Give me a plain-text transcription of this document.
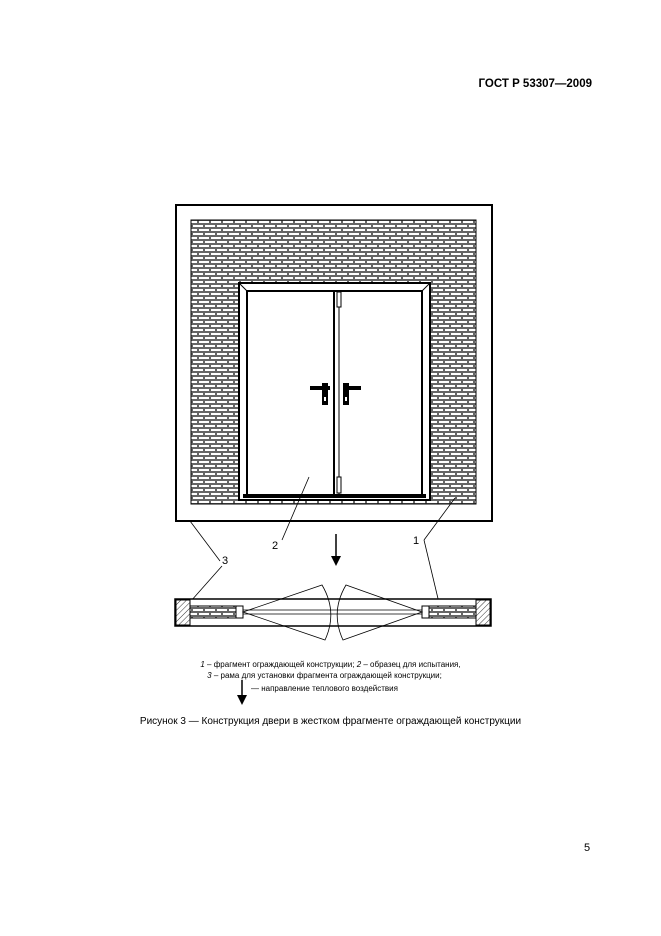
ГОСТ Р 53307—2009
2	1
3
1 – фрагмент ограждающей конструкции; 2 – образец для испытания,
3 – рама для установки фрагмента ограждающей конструкции;
— направление теплового воздействия
Рисунок 3 — Конструкция двери в жестком фрагменте ограждающей конструкции
5
